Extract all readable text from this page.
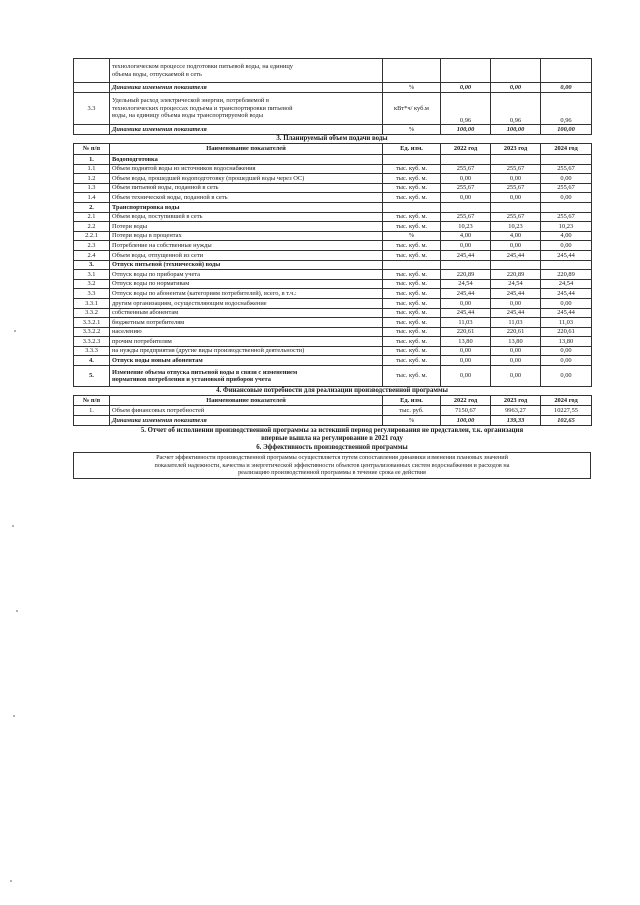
	технологическом процессе подготовки питьевой воды, на единицу
объема воды, отпускаемой в сеть				

	Динамика изменения показателя	%	0,00	0,00	0,00
3.3	Удельный расход электрической энергии, потребляемой в
технологических процессах подъема и транспортировки питьевой
воды, на единицу объема воды транспортируемой воды	кВт*ч/ куб.м	0,96	0,96	0,96
	Динамика изменения показателя	%	100,00	100,00	100,00
3. Планируемый объем подачи воды
№ п/п	Наименование показателей	Ед. изм.	2022 год	2023 год	2024 год
1.	Водоподготовка				
1.1	Объем поднятой воды из источников водоснабжения	тыс. куб. м.	255,67	255,67	255,67
1.2	Объем воды, прошедшей водоподготовку (прошедшей воды через ОС)	тыс. куб. м.	0,00	0,00	0,00
1.3	Объем питьевой воды, поданной в сеть	тыс. куб. м.	255,67	255,67	255,67
1.4	Объем технической воды, поданной в сеть	тыс. куб. м.	0,00	0,00	0,00
2.	Транспортировка воды				
2.1	Объем воды, поступившей в сеть	тыс. куб. м.	255,67	255,67	255,67
2.2	Потери воды	тыс. куб. м.	10,23	10,23	10,23
2.2.1	Потери воды в процентах	%	4,00	4,00	4,00
2.3	Потребление на собственные нужды	тыс. куб. м.	0,00	0,00	0,00
2.4	Объем воды, отпущенной из сети	тыс. куб. м.	245,44	245,44	245,44
3.	Отпуск питьевой (технической) воды				
3.1	Отпуск воды по приборам учета	тыс. куб. м.	220,89	220,89	220,89
3.2	Отпуск воды по нормативам	тыс. куб. м.	24,54	24,54	24,54
3.3	Отпуск воды по абонентам (категориям потребителей), всего, в т.ч.:	тыс. куб. м.	245,44	245,44	245,44
3.3.1	другим организациям, осуществляющим водоснабжение	тыс. куб. м.	0,00	0,00	0,00
3.3.2	собственным абонентам	тыс. куб. м.	245,44	245,44	245,44
3.3.2.1	бюджетным потребителям	тыс. куб. м.	11,03	11,03	11,03
3.3.2.2	населению	тыс. куб. м.	220,61	220,61	220,61
3.3.2.3	прочим потребителям	тыс. куб. м.	13,80	13,80	13,80
3.3.3	на нужды предприятия (другие виды производственной деятельности)	тыс. куб. м.	0,00	0,00	0,00
4.	Отпуск воды новым абонентам	тыс. куб. м.	0,00	0,00	0,00
5.	Изменение объема отпуска питьевой воды в связи с изменением
нормативов потребления и установкой приборов учета	тыс. куб. м.	0,00	0,00	0,00
4. Финансовые потребности для реализации производственной программы
№ п/п	Наименование показателей	Ед. изм.	2022 год	2023 год	2024 год
1.	Объем финансовых потребностей	тыс. руб.	7150,67	9963,27	10227,55
	Динамика изменения показателя	%	100,00	139,33	102,65
5. Отчет об исполнении производственной программы за истекший период регулирования не представлен, т.к. организация
впервые вышла на регулирование в 2021 году
6. Эффективность производственной программы
Расчет эффективности производственной программы осуществляется путем сопоставления динамики изменения плановых значений
показателей надежности, качества и энергетической эффективности объектов централизованных систем водоснабжения и расходов на
реализацию производственной программы в течение срока ее действия
